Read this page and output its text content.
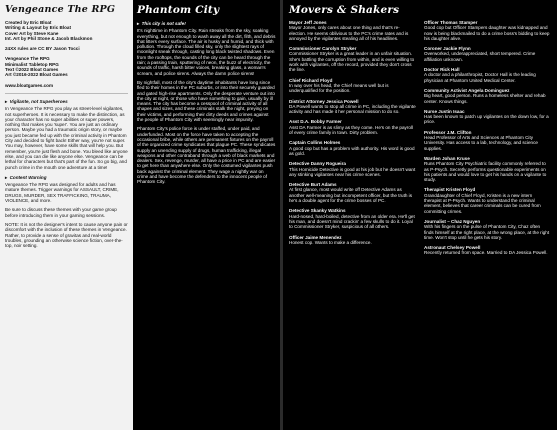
Vengeance The RPG
Created by Eric Bloat
Writing & Layout by Eric Bloat
Cover Art by Steve Kane
Int. Art by Phil Stone & Jacob Blackmon
24XX rules are CC BY Jason Tocci
Vengeance The RPG
Minimalist Tabletop RPG
Text ©2022 Bloat Games
Art ©2016-2022 Bloat Games
www.bloatgames.com
▸ Vigilante, not Superheroes

In Vengeance The RPG you play as street-level vigilantes, not superheroes. It is necessary to make the distinction, as your character has no super abilities or super powers, nothing that makes you 'super'. You are just an ordinary person. Maybe you had a traumatic origin story, or maybe you just became fed up with the criminal activity in Phantom City and decided to fight back! Either way, you're not super. You may, however, have some skills that will help you. But remember, you're just flesh and bone. You bleed like anyone else, and you can die like anyone else. Vengeance can be lethal for characters but that's part of the fun. So go big, and punch crime in the mouth one adventure at a time!

▸ Content Warning

Vengeance The RPG was designed for adults and has mature themes. Trigger warnings for ASSAULT, CRIME, DRUGS, MURDER, SEX TRAFFICKING, TRAUMA, VIOLENCE, and more.

Be sure to discuss these themes with your game group before introducing them in your gaming sessions.

NOTE: It is not the designer's intent to cause anyone pain or discomfort with the inclusion of these themes in Vengeance. Rather, to provide a sense of gravitas and real-world troubles, grounding an otherwise science fiction, over-the-top, noir setting.

Phantom City
▸ This city is not safe!

It's nighttime in Phantom City. Rain streaks from the sky, soaking everything, but not enough to wash away all the dirt, filth, and debris that litters every surface. The air is husky and humid, and thick with pollution. Through the cloud filled sky, only the slightest rays of moonlight sneak through, casting long black twisted shadows. Even from the rooftops, the sounds of the city can be heard through the rain; a passing train, sputtering of neon, the buzz of electricity, the sounds of traffic, harsh bitter voices, breaking glass, a woman's scream, and police sirens. Always the damn police sirens!

By nightfall, most of the city's daytime inhabitants have long since fled to their homes in the PC suburbs, or into their securely guarded and gated high-rise apartments. Only the desperate venture out into the city at night, or those who have something to gain, usually by ill means. The city has become a cesspool of criminal activity of all shapes and sizes, and these criminals stalk the night, preying on their victims, and performing their dirty deeds and crimes against the people of Phantom City with seemingly near impunity.

Phantom City's police force is under staffed, under paid, and underfunded. Most on the force have taken to accepting the occasional bribe, while others are permanent fixtures on the payroll of the organized crime syndicates that plague PC. These syndicates supply an unending supply of drugs, human trafficking, illegal weapons and other contraband through a web of black markets and dealers. Sex, revenge, murder, all have a price in PC and are easier to get here than anywhere else. Only the costumed vigilantes push back against the criminal element. They wage a nightly war on crime and have become the defenders to the innocent people of Phantom City.

Movers & Shakers
Mayor Jeff Jones
Mayor Jones, only cares about one thing and that's re-election. He seems oblivious to the PC's crime rates and is annoyed by the vigilantes stealing all of his headlines.
Commissioner Carolyn Stryker
Commissioner Stryker is a great leader in an unfair situation. She's battling the corruption from within, and is even willing to work with vigilantes, off the record, provided they don't cross the line.
Chief Richard Floyd
In way over his head, the Chief means well but is underqualified for the position.
District Attorney Jessica Powell
DA Powell wants to stop all crime in PC, including the vigilante activity and has made it her personal mission to do so.
Asst D.A. Bobby Farmer
Asst DA Farmer is as slimy as they come. He's on the payroll of every crime family in town. Dirty problem.
Captain Collins Holmes
A good cop but has a problem with authority. His word is good as gold.
Detective Danny Rogueira
This Homicide Detective is good at his job but he doesn't want any stinking vigilantes near his crime scenes.
Detective Burt Adams
At first glance, most would write off Detective Adams as another well-meaning but incompetent officer, but the truth is he's a double agent for the crime bosses of PC.
Detective Skanky Watkins
Hard-nosed, hard-boiled, detective from an older era. He'll get his man, and doesn't mind crackin' a few skulls to do it. Loyal to Commissioner Stryker, suspicious of all others.
Officer Jaime Menendez
Honest cop. Wants to make a difference.
Officer Thomas Stamper
Good cop but Officer Stampers daughter was kidnapped and now is being blackmailed to do a crime boss's bidding to keep his daughter alive.
Coroner Jackie Flynn
Overworked, underappreciated, short tempered. Crime affiliation unknown.
Doctor Rick Hall
A doctor and a philanthropist, Doctor Hall is the leading physician at Phantom United Medical Center.
Community Activist Angela Dominguez
Big heart, good person. Runs a homeless shelter and rehab center. Knows things.
Nurse Justin Isaac
Has been known to patch up vigilantes on the down low, for a price.
Professor J.M. Clifton
Head Professor of Arts and Sciences at Phantom City University. Has access to a lab, technology, and science supplies.
Warden Johan Kruse
Runs Phantom City Psychiatric facility commonly referred to as P-Psych. Secretly performs questionable experiments on his patients and would love to get his hands on a vigilante to study.
Therapist Kristen Floyd
Granddaughter of Chief Floyd, Kristen is a new intern therapist at P-Psych. Wants to understand the criminal element, believes that career criminals can be cured from committing crimes.
Journalist – Chaz Nguyen
With his fingers on the pulse of Phantom City, Chaz often finds himself at the right place, at the wrong place, at the right time. Won't stop until he gets his story.
Astronaut Chelsey Powell
Recently returned from space. Married to DA Jessica Powell.
